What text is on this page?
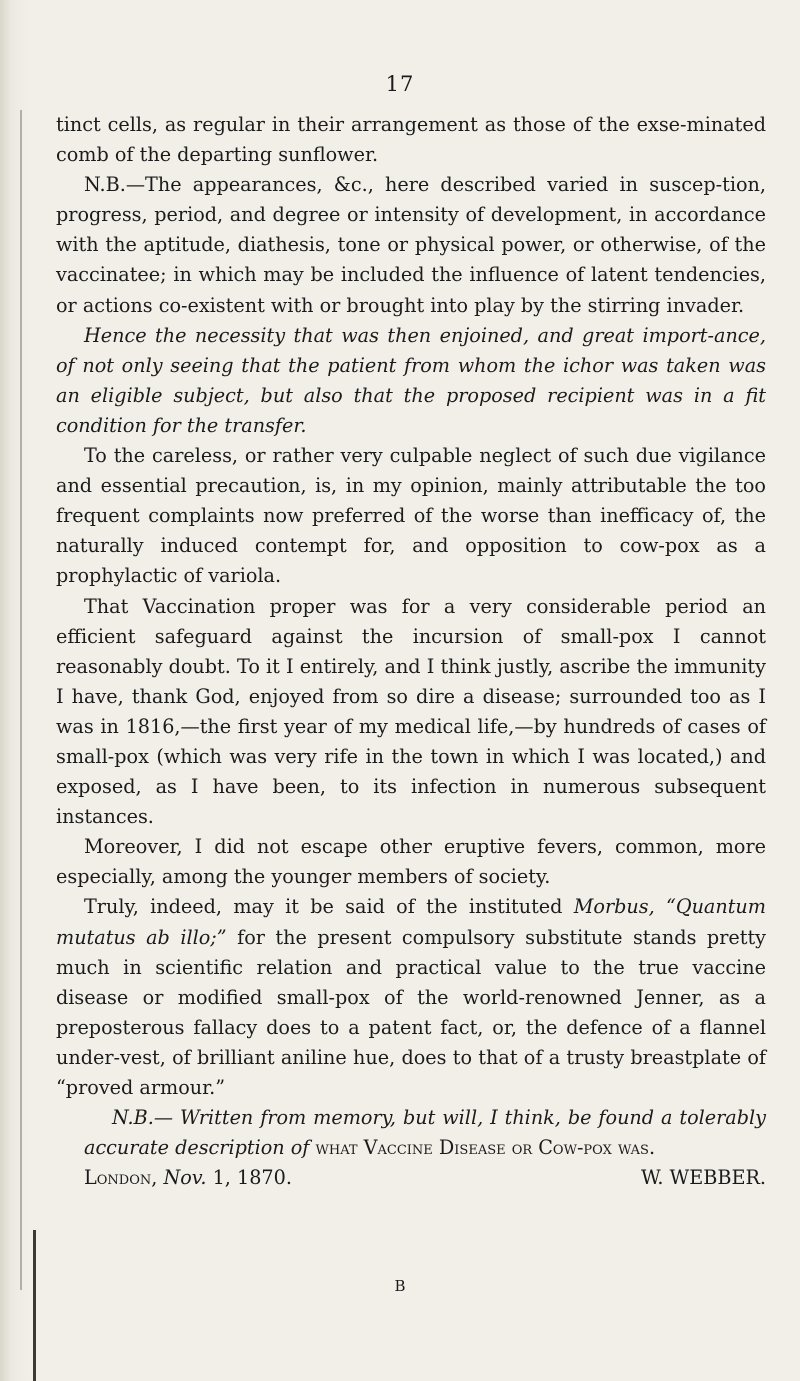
17

tinct cells, as regular in their arrangement as those of the exse-minated comb of the departing sunflower.

N.B.—The appearances, &c., here described varied in suscep-tion, progress, period, and degree or intensity of development, in accordance with the aptitude, diathesis, tone or physical power, or otherwise, of the vaccinatee; in which may be included the influence of latent tendencies, or actions co-existent with or brought into play by the stirring invader.

Hence the necessity that was then enjoined, and great import-ance, of not only seeing that the patient from whom the ichor was taken was an eligible subject, but also that the proposed recipient was in a fit condition for the transfer.

To the careless, or rather very culpable neglect of such due vigilance and essential precaution, is, in my opinion, mainly attributable the too frequent complaints now preferred of the worse than inefficacy of, the naturally induced contempt for, and opposition to cow-pox as a prophylactic of variola.

That Vaccination proper was for a very considerable period an efficient safeguard against the incursion of small-pox I cannot reasonably doubt. To it I entirely, and I think justly, ascribe the immunity I have, thank God, enjoyed from so dire a disease; surrounded too as I was in 1816,—the first year of my medical life,—by hundreds of cases of small-pox (which was very rife in the town in which I was located,) and exposed, as I have been, to its infection in numerous subsequent instances.

Moreover, I did not escape other eruptive fevers, common, more especially, among the younger members of society.

Truly, indeed, may it be said of the instituted Morbus, “Quantum mutatus ab illo;” for the present compulsory substitute stands pretty much in scientific relation and practical value to the true vaccine disease or modified small-pox of the world-renowned Jenner, as a preposterous fallacy does to a patent fact, or, the defence of a flannel under-vest, of brilliant aniline hue, does to that of a trusty breastplate of “proved armour.”

N.B.— Written from memory, but will, I think, be found a tolerably accurate description of what Vaccine Disease or Cow-pox was.

London, Nov. 1, 1870.	W. WEBBER.
B
